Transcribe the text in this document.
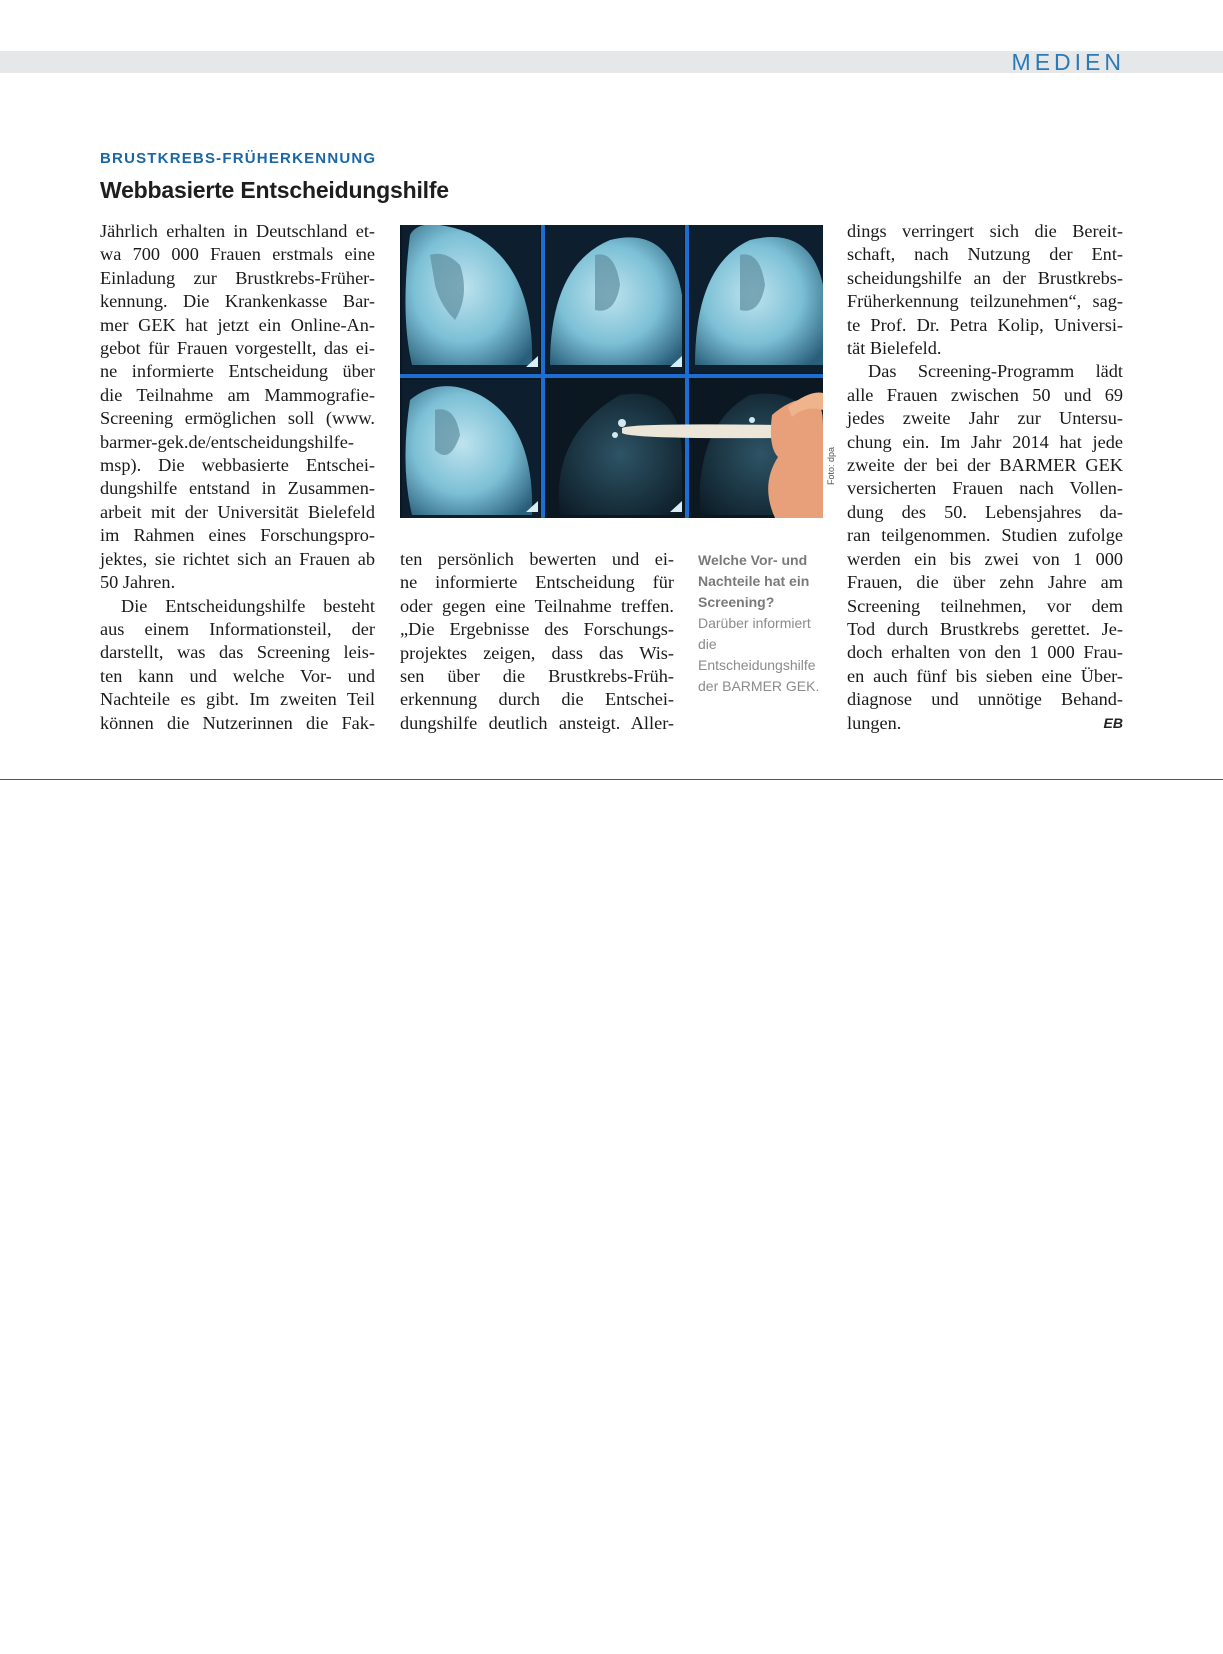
MEDIEN
BRUSTKREBS-FRÜHERKENNUNG
Webbasierte Entscheidungshilfe

Jährlich erhalten in Deutschland et-
wa 700 000 Frauen erstmals eine
Einladung zur Brustkrebs-Früher-
kennung. Die Krankenkasse Bar-
mer GEK hat jetzt ein Online-An-
gebot für Frauen vorgestellt, das ei-
ne informierte Entscheidung über
die Teilnahme am Mammografie-
Screening ermöglichen soll (www.
barmer-gek.de/entscheidungshilfe-
msp). Die webbasierte Entschei-
dungshilfe entstand in Zusammen-
arbeit mit der Universität Bielefeld
im Rahmen eines Forschungspro-
jektes, sie richtet sich an Frauen ab
50 Jahren.

Die Entscheidungshilfe besteht
aus einem Informationsteil, der
darstellt, was das Screening leis-
ten kann und welche Vor- und
Nachteile es gibt. Im zweiten Teil
können die Nutzerinnen die Fak-

Foto: dpa

ten persönlich bewerten und ei-
ne informierte Entscheidung für
oder gegen eine Teilnahme treffen.
„Die Ergebnisse des Forschungs-
projektes zeigen, dass das Wis-
sen über die Brustkrebs-Früh-
erkennung durch die Entschei-
dungshilfe deutlich ansteigt. Aller-

Welche Vor- und Nachteile hat ein Screening? Darüber informiert die Entscheidungshilfe der BARMER GEK.

dings verringert sich die Bereit-
schaft, nach Nutzung der Ent-
scheidungshilfe an der Brustkrebs-
Früherkennung teilzunehmen“, sag-
te Prof. Dr. Petra Kolip, Universi-
tät Bielefeld.

Das Screening-Programm lädt
alle Frauen zwischen 50 und 69
jedes zweite Jahr zur Untersu-
chung ein. Im Jahr 2014 hat jede
zweite der bei der BARMER GEK
versicherten Frauen nach Vollen-
dung des 50. Lebensjahres da-
ran teilgenommen. Studien zufolge
werden ein bis zwei von 1 000
Frauen, die über zehn Jahre am
Screening teilnehmen, vor dem
Tod durch Brustkrebs gerettet. Je-
doch erhalten von den 1 000 Frau-
en auch fünf bis sieben eine Über-
diagnose und unnötige Behand-
lungen.	EB
